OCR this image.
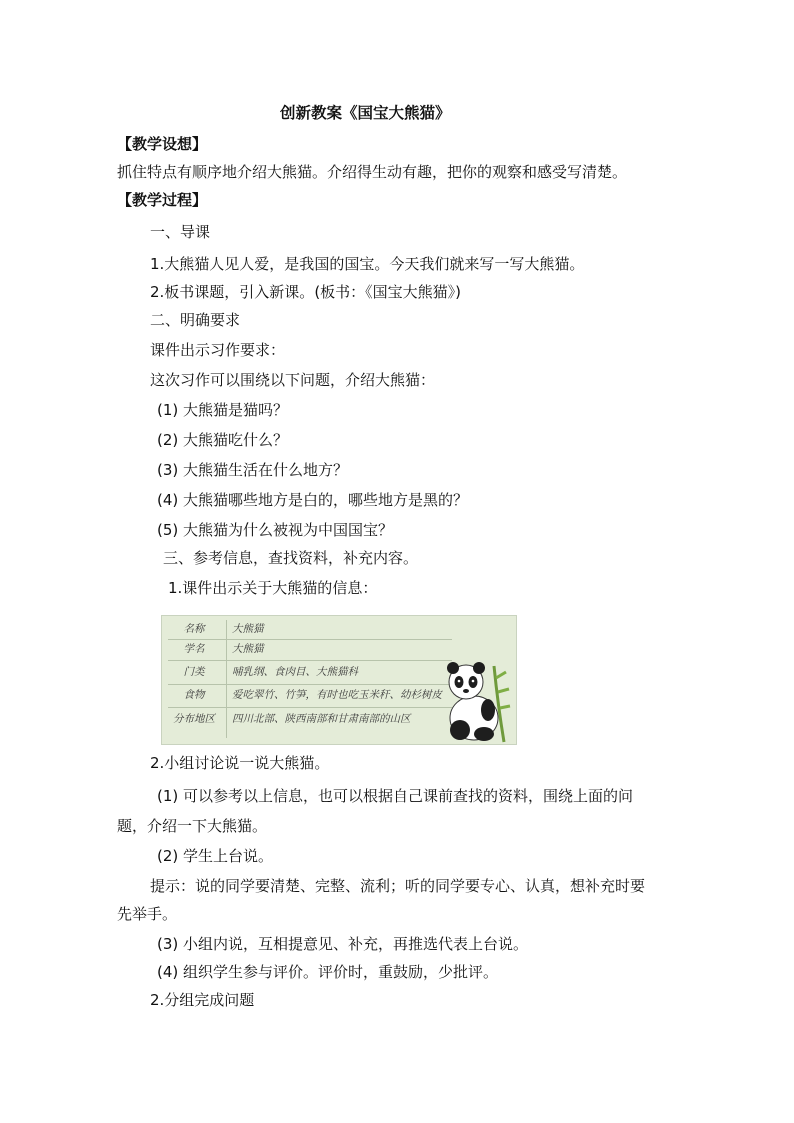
创新教案《国宝大熊猫》
【教学设想】
抓住特点有顺序地介绍大熊猫。介绍得生动有趣，把你的观察和感受写清楚。
【教学过程】
一、导课
1.大熊猫人见人爱，是我国的国宝。今天我们就来写一写大熊猫。
2.板书课题，引入新课。(板书：《国宝大熊猫》)
二、明确要求
课件出示习作要求：
这次习作可以围绕以下问题，介绍大熊猫：
(1) 大熊猫是猫吗？
(2) 大熊猫吃什么？
(3) 大熊猫生活在什么地方？
(4) 大熊猫哪些地方是白的，哪些地方是黑的？
(5) 大熊猫为什么被视为中国国宝？
三、参考信息，查找资料，补充内容。
1.课件出示关于大熊猫的信息：
名称	大熊猫
学名	大熊猫
门类	哺乳纲、食肉目、大熊猫科
食物	爱吃翠竹、竹笋，有时也吃玉米秆、幼杉树皮
分布地区	四川北部、陕西南部和甘肃南部的山区
2.小组讨论说一说大熊猫。
(1) 可以参考以上信息，也可以根据自己课前查找的资料，围绕上面的问
题，介绍一下大熊猫。
(2) 学生上台说。
提示：说的同学要清楚、完整、流利；听的同学要专心、认真，想补充时要
先举手。
(3) 小组内说，互相提意见、补充，再推选代表上台说。
(4) 组织学生参与评价。评价时，重鼓励，少批评。
2.分组完成问题
